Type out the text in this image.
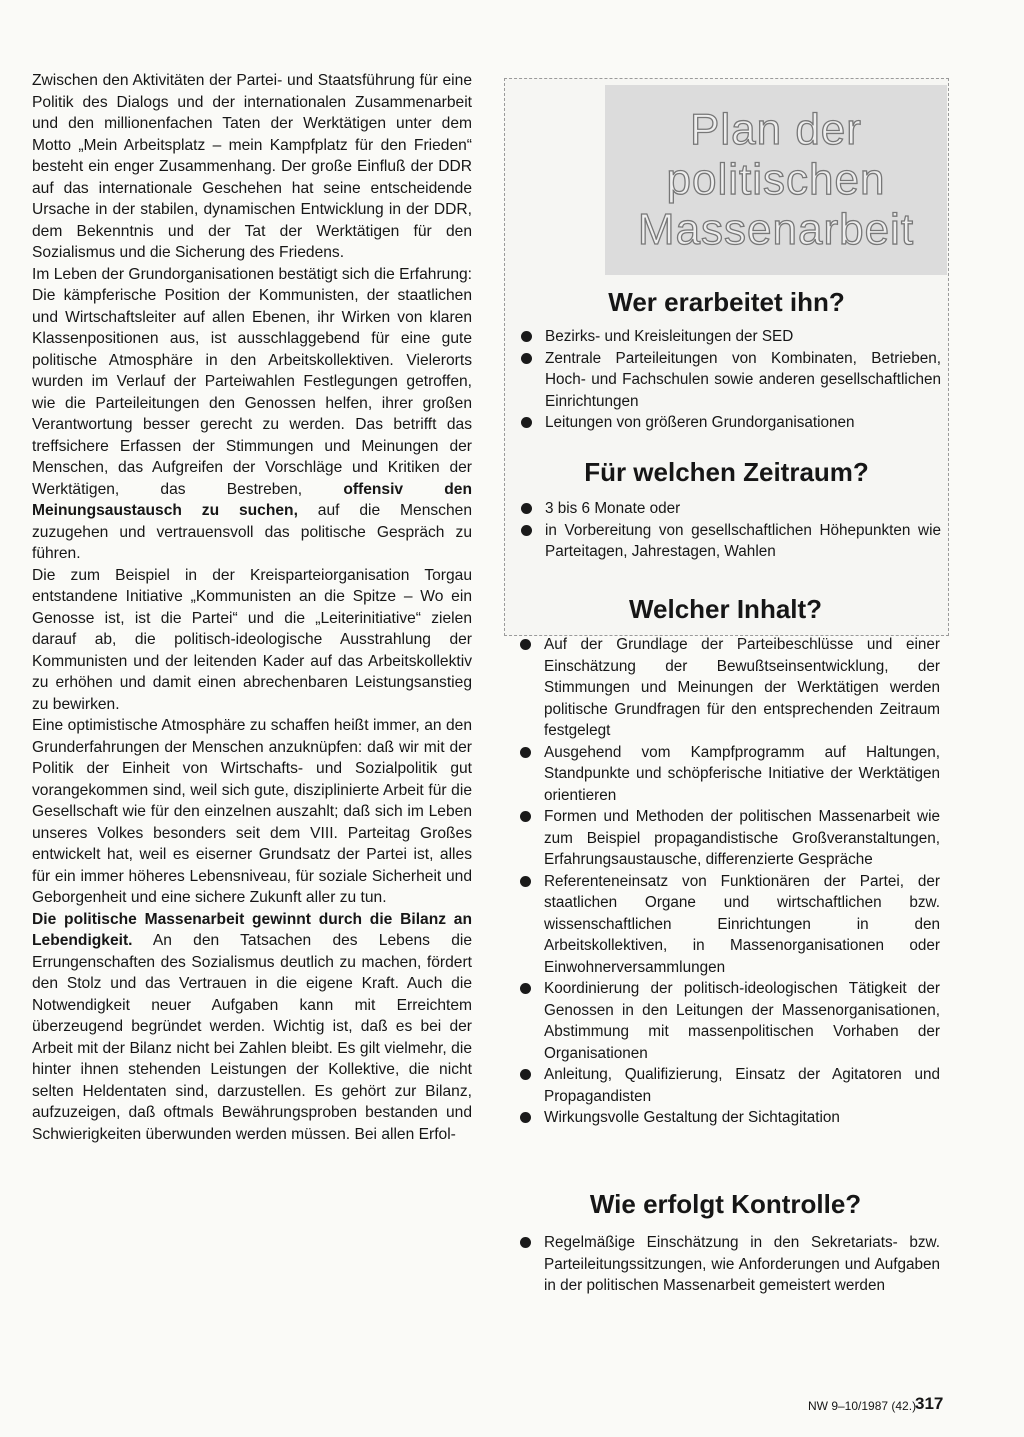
Zwischen den Aktivitäten der Partei- und Staatsführung für eine Politik des Dialogs und der internationalen Zusammenarbeit und den millionenfachen Taten der Werktätigen unter dem Motto „Mein Arbeitsplatz – mein Kampfplatz für den Frieden“ besteht ein enger Zusammenhang. Der große Einfluß der DDR auf das internationale Geschehen hat seine entscheidende Ursache in der stabilen, dynamischen Entwicklung in der DDR, dem Bekenntnis und der Tat der Werktätigen für den Sozialismus und die Sicherung des Friedens.

Im Leben der Grundorganisationen bestätigt sich die Erfahrung: Die kämpferische Position der Kommunisten, der staatlichen und Wirtschaftsleiter auf allen Ebenen, ihr Wirken von klaren Klassenpositionen aus, ist ausschlaggebend für eine gute politische Atmosphäre in den Arbeitskollektiven. Vielerorts wurden im Verlauf der Parteiwahlen Festlegungen getroffen, wie die Parteileitungen den Genossen helfen, ihrer großen Verantwortung besser gerecht zu werden. Das betrifft das treffsichere Erfassen der Stimmungen und Meinungen der Menschen, das Aufgreifen der Vorschläge und Kritiken der Werktätigen, das Bestreben,	offensiv den Meinungsaustausch zu suchen, auf die Menschen zuzugehen und vertrauensvoll das politische Gespräch zu führen.

Die zum Beispiel in der Kreisparteiorganisation Torgau entstandene Initiative „Kommunisten an die Spitze – Wo ein Genosse ist, ist die Partei“ und die „Leiterinitiative“ zielen darauf ab, die politisch-ideologische Ausstrahlung der Kommunisten und der leitenden Kader auf das Arbeitskollektiv zu erhöhen und damit einen abrechenbaren Leistungsanstieg zu bewirken.

Eine optimistische Atmosphäre zu schaffen heißt immer, an den Grunderfahrungen der Menschen anzuknüpfen: daß wir mit der Politik der Einheit von Wirtschafts- und Sozialpolitik gut vorangekommen sind, weil sich gute, disziplinierte Arbeit für die Gesellschaft wie für den einzelnen auszahlt; daß sich im Leben unseres Volkes besonders seit dem VIII. Parteitag Großes entwickelt hat, weil es eiserner Grundsatz der Partei ist, alles für ein immer höheres Lebensniveau, für soziale Sicherheit und Geborgenheit und eine sichere Zukunft aller zu tun.

Die politische Massenarbeit gewinnt durch die Bilanz an Lebendigkeit. An den Tatsachen des Lebens die Errungenschaften des Sozialismus deutlich zu machen, fördert den Stolz und das Vertrauen in die eigene Kraft. Auch die Notwendigkeit neuer Aufgaben kann mit Erreichtem überzeugend begründet werden. Wichtig ist, daß es bei der Arbeit mit der Bilanz nicht bei Zahlen bleibt. Es gilt vielmehr, die hinter ihnen stehenden Leistungen der Kollektive, die nicht selten Heldentaten sind, darzustellen. Es gehört zur Bilanz, aufzuzeigen, daß oftmals Bewährungsproben bestanden und Schwierigkeiten überwunden werden müssen. Bei allen Erfol-

Plan der
politischen
Massenarbeit
Wer erarbeitet ihn?
Bezirks- und Kreisleitungen der SED
Zentrale Parteileitungen von Kombinaten, Betrieben, Hoch- und Fachschulen sowie anderen gesellschaftlichen Einrichtungen
Leitungen von größeren Grundorganisationen
Für welchen Zeitraum?
3 bis 6 Monate oder
in Vorbereitung von gesellschaftlichen Höhepunkten wie Parteitagen, Jahrestagen, Wahlen
Welcher Inhalt?
Auf der Grundlage der Parteibeschlüsse und einer Einschätzung der Bewußtseinsentwicklung, der Stimmungen und Meinungen der Werktätigen werden politische Grundfragen für den entsprechenden Zeitraum festgelegt
Ausgehend vom Kampfprogramm auf Haltungen, Standpunkte und schöpferische Initiative der Werktätigen orientieren
Formen und Methoden der politischen Massenarbeit wie zum Beispiel propagandistische Großveranstaltungen, Erfahrungsaustausche, differenzierte Gespräche
Referenteneinsatz von Funktionären der Partei, der staatlichen Organe und wirtschaftlichen bzw. wissenschaftlichen Einrichtungen in den Arbeitskollektiven, in Massenorganisationen oder Einwohnerversammlungen
Koordinierung der politisch-ideologischen Tätigkeit der Genossen in den Leitungen der Massenorganisationen, Abstimmung mit massenpolitischen Vorhaben der Organisationen
Anleitung, Qualifizierung, Einsatz der Agitatoren und Propagandisten
Wirkungsvolle Gestaltung der Sichtagitation
Wie erfolgt Kontrolle?
Regelmäßige Einschätzung in den Sekretariats- bzw. Parteileitungssitzungen, wie Anforderungen und Aufgaben in der politischen Massenarbeit gemeistert werden
NW 9–10/1987 (42.)
317
